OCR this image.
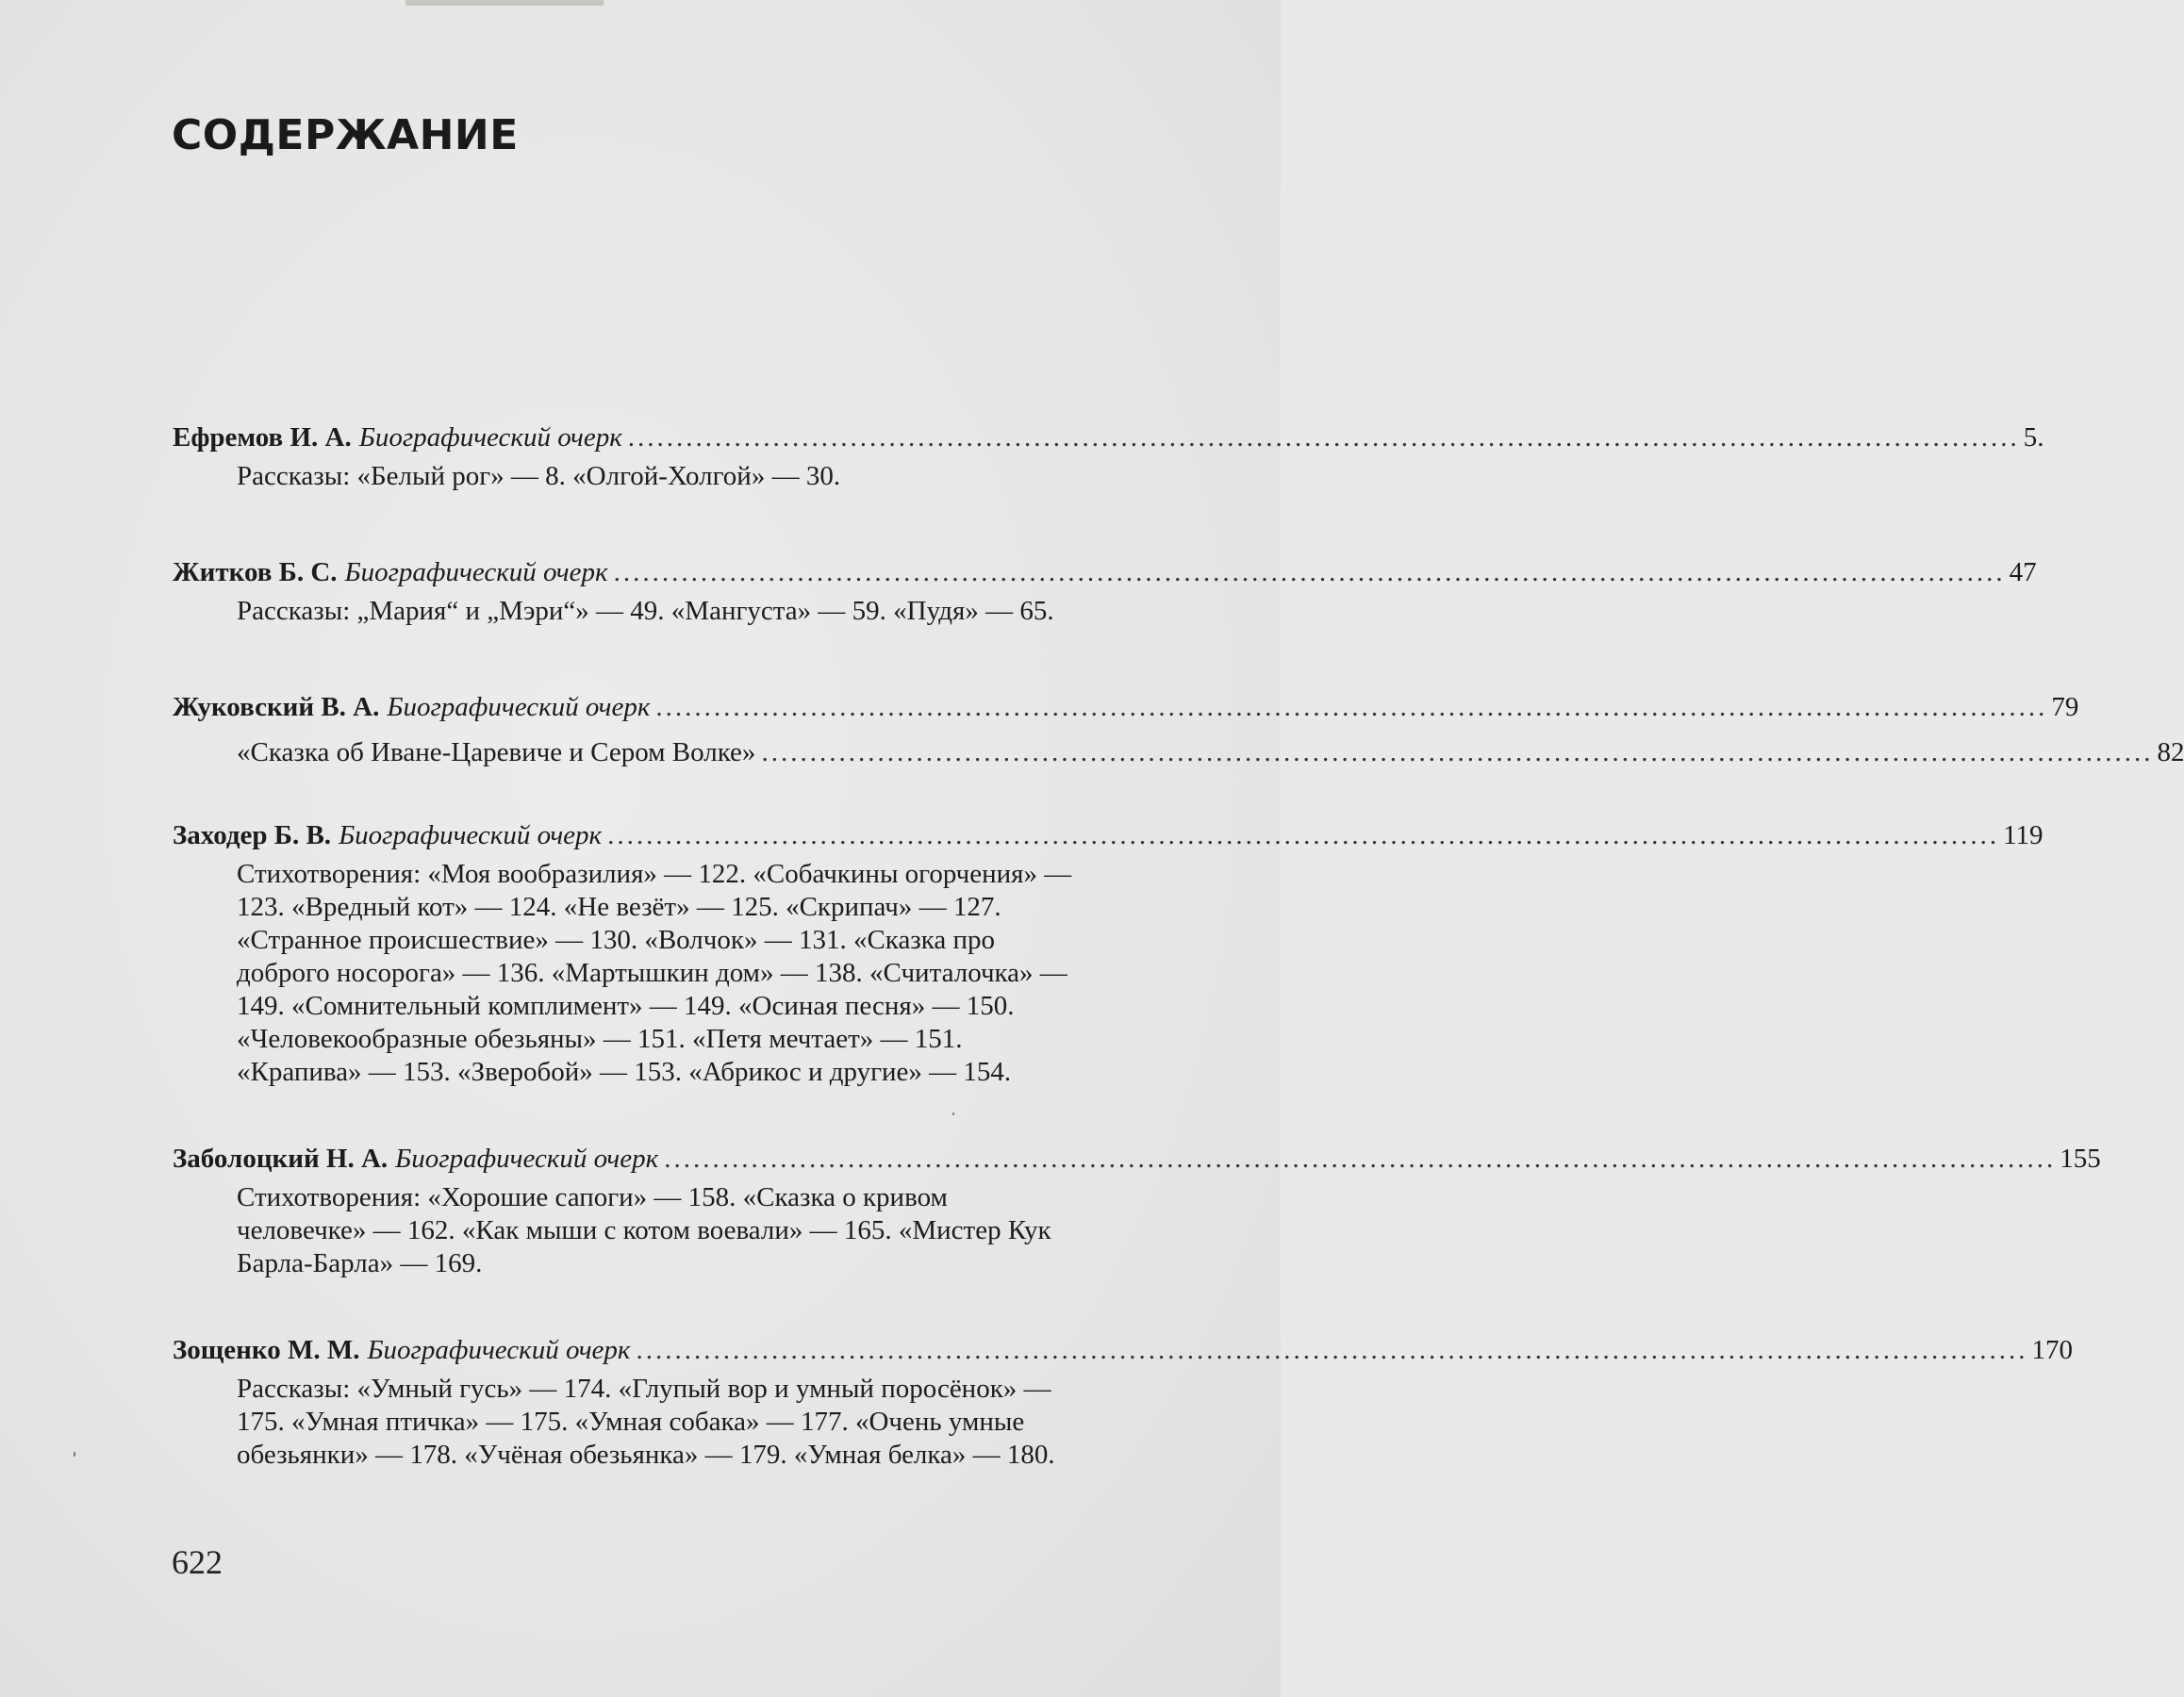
СОДЕРЖАНИЕ
Ефремов И. А. Биографический очерк ................................................................................................................................................ 5.

Рассказы: «Белый рог» — 8. «Олгой-Холгой» — 30.

Житков Б. С. Биографический очерк ................................................................................................................................................ 47

Рассказы: „Мария“ и „Мэри“» — 49. «Мангуста» — 59. «Пудя» — 65.

Жуковский В. А. Биографический очерк ................................................................................................................................................ 79
«Сказка об Иване-Царевиче и Сером Волке» ................................................................................................................................................ 82
Заходер Б. В. Биографический очерк ................................................................................................................................................ 119
Стихотворения: «Моя вообразилия» — 122. «Собачкины огорчения» —
123. «Вредный кот» — 124. «Не везёт» — 125. «Скрипач» — 127.
«Странное происшествие» — 130. «Волчок» — 131. «Сказка про
доброго носорога» — 136. «Мартышкин дом» — 138. «Считалочка» —
149. «Сомнительный комплимент» — 149. «Осиная песня» — 150.
«Человекообразные обезьяны» — 151. «Петя мечтает» — 151.
«Крапива» — 153. «Зверобой» — 153. «Абрикос и другие» — 154.
Заболоцкий Н. А. Биографический очерк ................................................................................................................................................ 155
Стихотворения: «Хорошие сапоги» — 158. «Сказка о кривом
человечке» — 162. «Как мыши с котом воевали» — 165. «Мистер Кук
Барла-Барла» — 169.
Зощенко М. М. Биографический очерк ................................................................................................................................................ 170
Рассказы: «Умный гусь» — 174. «Глупый вор и умный поросёнок» —
175. «Умная птичка» — 175. «Умная собака» — 177. «Очень умные
обезьянки» — 178. «Учёная обезьянка» — 179. «Умная белка» — 180.
622
